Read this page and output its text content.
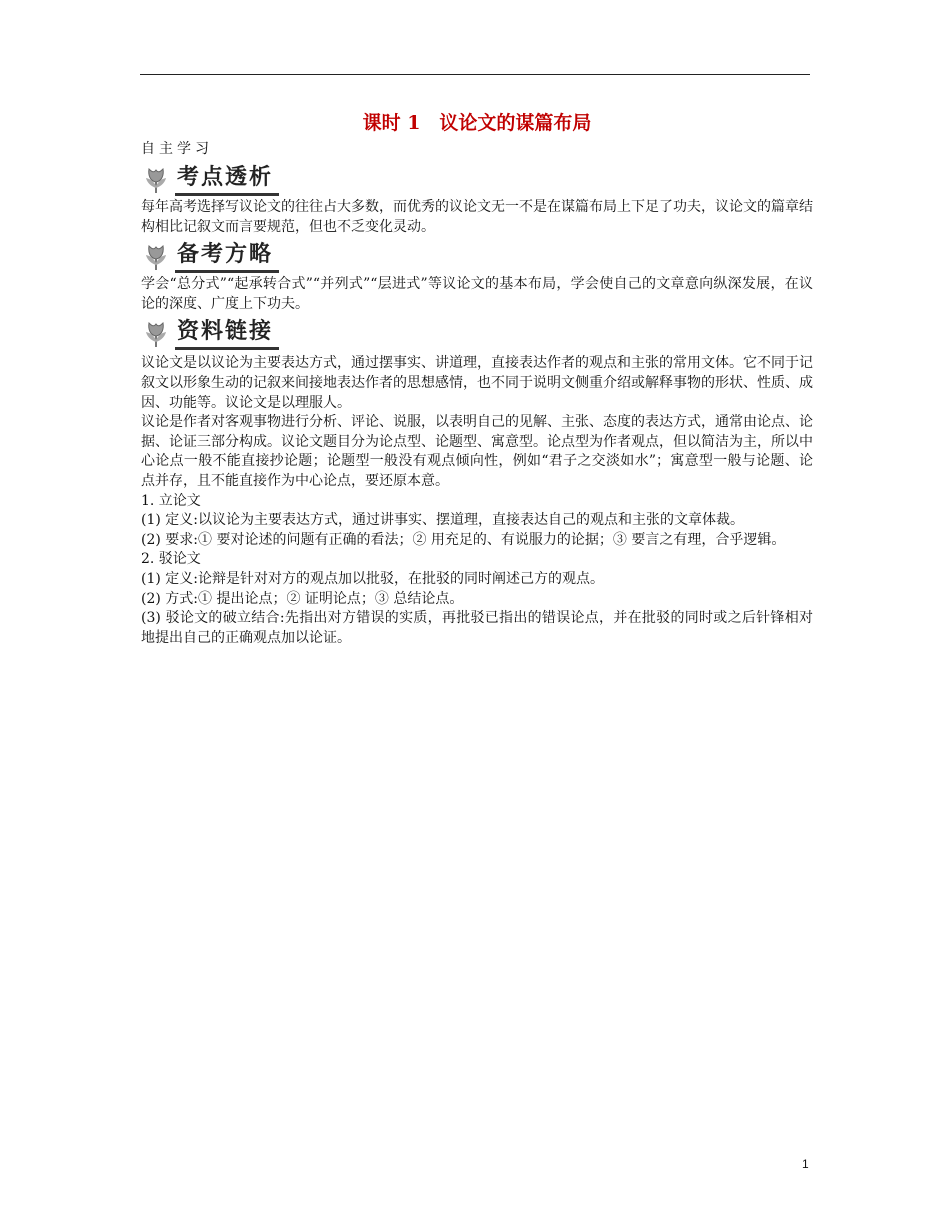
课时 1　议论文的谋篇布局
自主学习
考点透析

每年高考选择写议论文的往往占大多数，而优秀的议论文无一不是在谋篇布局上下足了功夫，议论文的篇章结构相比记叙文而言要规范，但也不乏变化灵动。

备考方略

学会“总分式”“起承转合式”“并列式”“层进式”等议论文的基本布局，学会使自己的文章意向纵深发展，在议论的深度、广度上下功夫。

资料链接

议论文是以议论为主要表达方式，通过摆事实、讲道理，直接表达作者的观点和主张的常用文体。它不同于记叙文以形象生动的记叙来间接地表达作者的思想感情，也不同于说明文侧重介绍或解释事物的形状、性质、成因、功能等。议论文是以理服人。

议论是作者对客观事物进行分析、评论、说服，以表明自己的见解、主张、态度的表达方式，通常由论点、论据、论证三部分构成。议论文题目分为论点型、论题型、寓意型。论点型为作者观点，但以简洁为主，所以中心论点一般不能直接抄论题；论题型一般没有观点倾向性，例如“君子之交淡如水”；寓意型一般与论题、论点并存，且不能直接作为中心论点，要还原本意。

1. 立论文

(1) 定义:以议论为主要表达方式，通过讲事实、摆道理，直接表达自己的观点和主张的文章体裁。

(2) 要求:① 要对论述的问题有正确的看法；② 用充足的、有说服力的论据；③ 要言之有理，合乎逻辑。

2. 驳论文

(1) 定义:论辩是针对对方的观点加以批驳，在批驳的同时阐述己方的观点。

(2) 方式:① 提出论点；② 证明论点；③ 总结论点。

(3) 驳论文的破立结合:先指出对方错误的实质，再批驳已指出的错误论点，并在批驳的同时或之后针锋相对地提出自己的正确观点加以论证。

1
